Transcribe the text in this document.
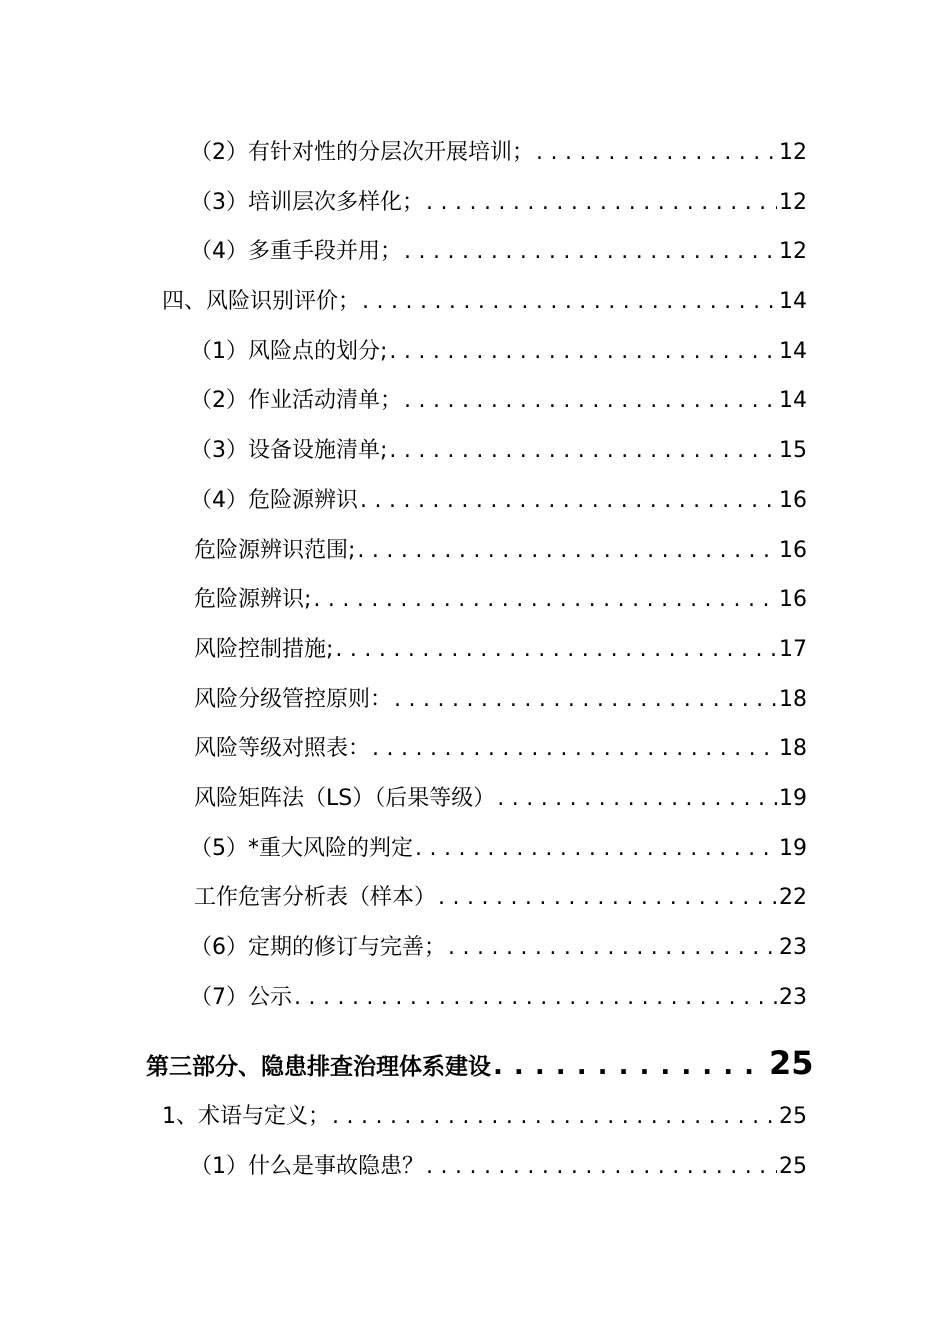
（2）有针对性的分层次开展培训； . . .	12
（3）培训层次多样化； . . .	12
（4）多重手段并用； . . .	12
四、风险识别评价； . . .	14
（1）风险点的划分; . . .	14
（2）作业活动清单； . . .	14
（3）设备设施清单; . . .	15
（4）危险源辨识 . . .	16
危险源辨识范围; . . .	16
危险源辨识; . . .	16
风险控制措施; . . .	17
风险分级管控原则： . . .	18
风险等级对照表： . . .	18
风险矩阵法（LS）（后果等级） . . .	19
（5）*重大风险的判定 . . .	19
工作危害分析表（样本） . . .	22
（6）定期的修订与完善； . . .	23
（7）公示 . . .	23
第三部分、隐患排查治理体系建设 . . .	25
1、术语与定义； . . .	25
（1）什么是事故隐患？ . . .	25
